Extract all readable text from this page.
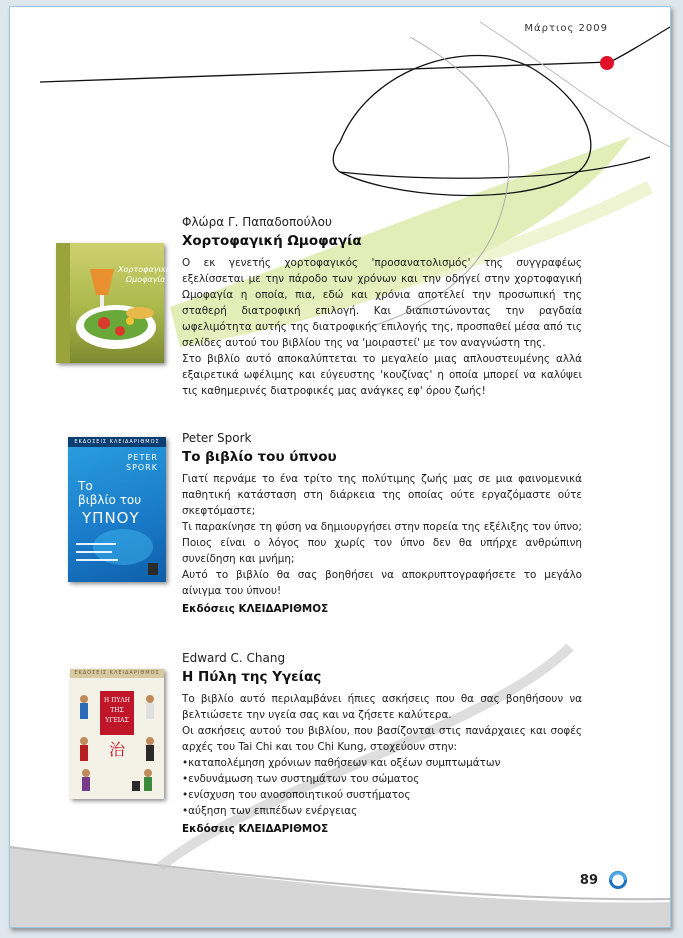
Μάρτιος 2009
Χορτοφαγική
Ωμοφαγία
Φλώρα Γ. Παπαδοπούλου
Χορτοφαγική Ωμοφαγία

Ο εκ γενετής χορτοφαγικός 'προσανατολισμός' της συγγραφέως εξελίσσεται με την πάροδο των χρόνων και την οδηγεί στην χορτοφαγική Ωμοφαγία η οποία, πια, εδώ και χρόνια αποτελεί την προσωπική της σταθερή διατροφική επιλογή. Και διαπιστώνοντας την ραγδαία ωφελιμότητα αυτής της διατροφικής επιλογής της, προσπαθεί μέσα από τις σελίδες αυτού του βιβλίου της να 'μοιραστεί' με τον αναγνώστη της.

Στο βιβλίο αυτό αποκαλύπτεται το μεγαλείο μιας απλουστευμένης αλλά εξαιρετικά ωφέλιμης και εύγευστης 'κουζίνας' η οποία μπορεί να καλύψει τις καθημερινές διατροφικές μας ανάγκες εφ' όρου ζωής!

ΕΚΔΟΣΕΙΣ ΚΛΕΙΔΑΡΙΘΜΟΣ
PETER
SPORK
Το
βιβλίο του
ΥΠΝΟΥ
Peter Spork
Το βιβλίο του ύπνου

Γιατί περνάμε το ένα τρίτο της πολύτιμης ζωής μας σε μια φαινομενικά παθητική κατάσταση στη διάρκεια της οποίας ούτε εργαζόμαστε ούτε σκεφτόμαστε;

Τι παρακίνησε τη φύση να δημιουργήσει στην πορεία της εξέλιξης τον ύπνο;

Ποιος είναι ο λόγος που χωρίς τον ύπνο δεν θα υπήρχε ανθρώπινη συνείδηση και μνήμη;

Αυτό το βιβλίο θα σας βοηθήσει να αποκρυπτογραφήσετε το μεγάλο αίνιγμα του ύπνου!

Εκδόσεις ΚΛΕΙΔΑΡΙΘΜΟΣ
ΕΚΔΟΣΕΙΣ ΚΛΕΙΔΑΡΙΘΜΟΣ
治
Η ΠΥΛΗ
ΤΗΣ
ΥΓΕΙΑΣ
Edward C. Chang
Η Πύλη της Υγείας

Το βιβλίο αυτό περιλαμβάνει ήπιες ασκήσεις που θα σας βοηθήσουν να βελτιώσετε την υγεία σας και να ζήσετε καλύτερα.

Οι ασκήσεις αυτού του βιβλίου, που βασίζονται στις πανάρχαιες και σοφές αρχές του Tai Chi και του Chi Kung, στοχεύουν στην:

•καταπολέμηση χρόνιων παθήσεων και οξέων συμπτωμάτων
•ενδυνάμωση των συστημάτων του σώματος
•ενίσχυση του ανοσοποιητικού συστήματος
•αύξηση των επιπέδων ενέργειας
Εκδόσεις ΚΛΕΙΔΑΡΙΘΜΟΣ
89
